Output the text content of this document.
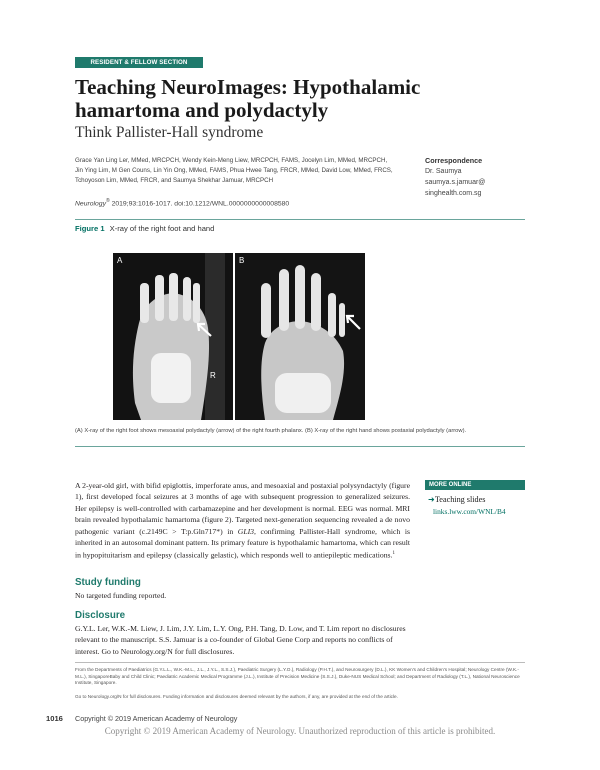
RESIDENT & FELLOW SECTION
Teaching NeuroImages: Hypothalamic hamartoma and polydactyly
Think Pallister-Hall syndrome
Grace Yan Ling Ler, MMed, MRCPCH, Wendy Kein-Meng Liew, MRCPCH, FAMS, Jocelyn Lim, MMed, MRCPCH,
Jin Ying Lim, M Gen Couns, Lin Yin Ong, MMed, FAMS, Phua Hwee Tang, FRCR, MMed, David Low, MMed, FRCS,
Tchoyoson Lim, MMed, FRCR, and Saumya Shekhar Jamuar, MRCPCH
Neurology® 2019;93:1016-1017. doi:10.1212/WNL.0000000000008580
Correspondence
Dr. Saumya
saumya.s.jamuar@
singhealth.com.sg
Figure 1 X-ray of the right foot and hand
A
R
B
(A) X-ray of the right foot shows mesoaxial polydactyly (arrow) of the right fourth phalanx. (B) X-ray of the right hand shows postaxial polydactyly (arrow).
A 2-year-old girl, with bifid epiglottis, imperforate anus, and mesoaxial and postaxial polysyndactyly (figure 1), first developed focal seizures at 3 months of age with subsequent progression to generalized seizures. Her epilepsy is well-controlled with carbamazepine and her development is normal. EEG was normal. MRI brain revealed hypothalamic hamartoma (figure 2). Targeted next-generation sequencing revealed a de novo pathogenic variant (c.2149C > T:p.Gln717*) in GLI3, confirming Pallister-Hall syndrome, which is inherited in an autosomal dominant pattern. Its primary feature is hypothalamic hamartoma, which can result in hypopituitarism and epilepsy (classically gelastic), which responds well to antiepileptic medications.$^1$
MORE ONLINE
➜Teaching slides
links.lww.com/WNL/B4
Study funding
No targeted funding reported.
Disclosure
G.Y.L. Ler, W.K.-M. Liew, J. Lim, J.Y. Lim, L.Y. Ong, P.H. Tang, D. Low, and T. Lim report no disclosures relevant to the manuscript. S.S. Jamuar is a co-founder of Global Gene Corp and reports no conflicts of interest. Go to Neurology.org/N for full disclosures.
From the Departments of Paediatrics (G.Y.L.L., W.K.-M.L., J.L., J.Y.L., S.S.J.), Paediatric Surgery (L.Y.O.), Radiology (P.H.T.), and Neurosurgery (D.L.), KK Women's and Children's Hospital; Neurology Centre (W.K.-M.L.), SingaporeBaby and Child Clinic; Paediatric Academic Medical Programme (J.L.), Institute of Precision Medicine (S.S.J.), Duke-NUS Medical School; and Department of Radiology (T.L.), National Neuroscience Institute, Singapore.
Go to Neurology.org/N for full disclosures. Funding information and disclosures deemed relevant by the authors, if any, are provided at the end of the article.
1016 Copyright © 2019 American Academy of Neurology
Copyright © 2019 American Academy of Neurology. Unauthorized reproduction of this article is prohibited.
